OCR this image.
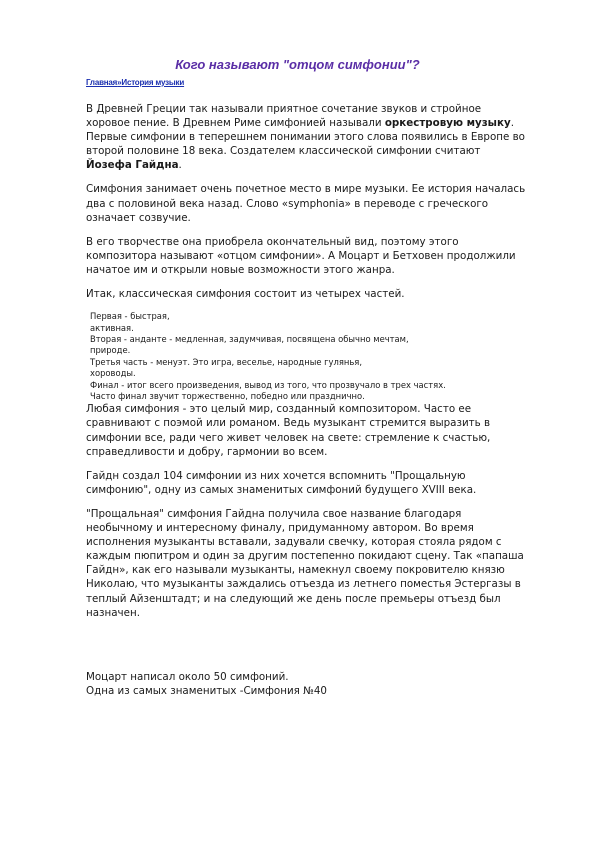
Кого называют "отцом симфонии"?
Главная»История музыки

В Древней Греции так называли приятное сочетание звуков и стройное хоровое пение. В Древнем Риме симфонией называли оркестровую музыку. Первые симфонии в теперешнем понимании этого слова появились в Европе во второй половине 18 века. Создателем классической симфонии считают Йозефа Гайдна.

Симфония занимает очень почетное место в мире музыки. Ее история началась два с половиной века назад. Слово «symphonia» в переводе с греческого означает созвучие.

В его творчестве она приобрела окончательный вид, поэтому этого композитора называют «отцом симфонии». А Моцарт и Бетховен продолжили начатое им и открыли новые возможности этого жанра.

Итак, классическая симфония состоит из четырех частей.

Первая - быстрая,
активная.
Вторая - анданте - медленная, задумчивая, посвящена обычно мечтам,
природе.
Третья часть - менуэт. Это игра, веселье, народные гулянья,
хороводы.
Финал - итог всего произведения, вывод из того, что прозвучало в трех частях.
Часто финал звучит торжественно, победно или празднично.

Любая симфония - это целый мир, созданный композитором. Часто ее сравнивают с поэмой или романом. Ведь музыкант стремится выразить в симфонии все, ради чего живет человек на свете: стремление к счастью, справедливости и добру, гармонии во всем.

Гайдн создал 104 симфонии из них хочется вспомнить "Прощальную симфонию", одну из самых знаменитых симфоний будущего XVIII века.

"Прощальная" симфония Гайдна получила свое название благодаря необычному и интересному финалу, придуманному автором. Во время исполнения музыканты вставали, задували свечку, которая стояла рядом с каждым пюпитром и один за другим постепенно покидают сцену. Так «папаша Гайдн», как его называли музыканты, намекнул своему покровителю князю Николаю, что музыканты заждались отъезда из летнего поместья Эстергазы в теплый Айзенштадт; и на следующий же день после премьеры отъезд был назначен.

Моцарт написал около 50 симфоний.

Одна из самых знаменитых -Симфония №40
